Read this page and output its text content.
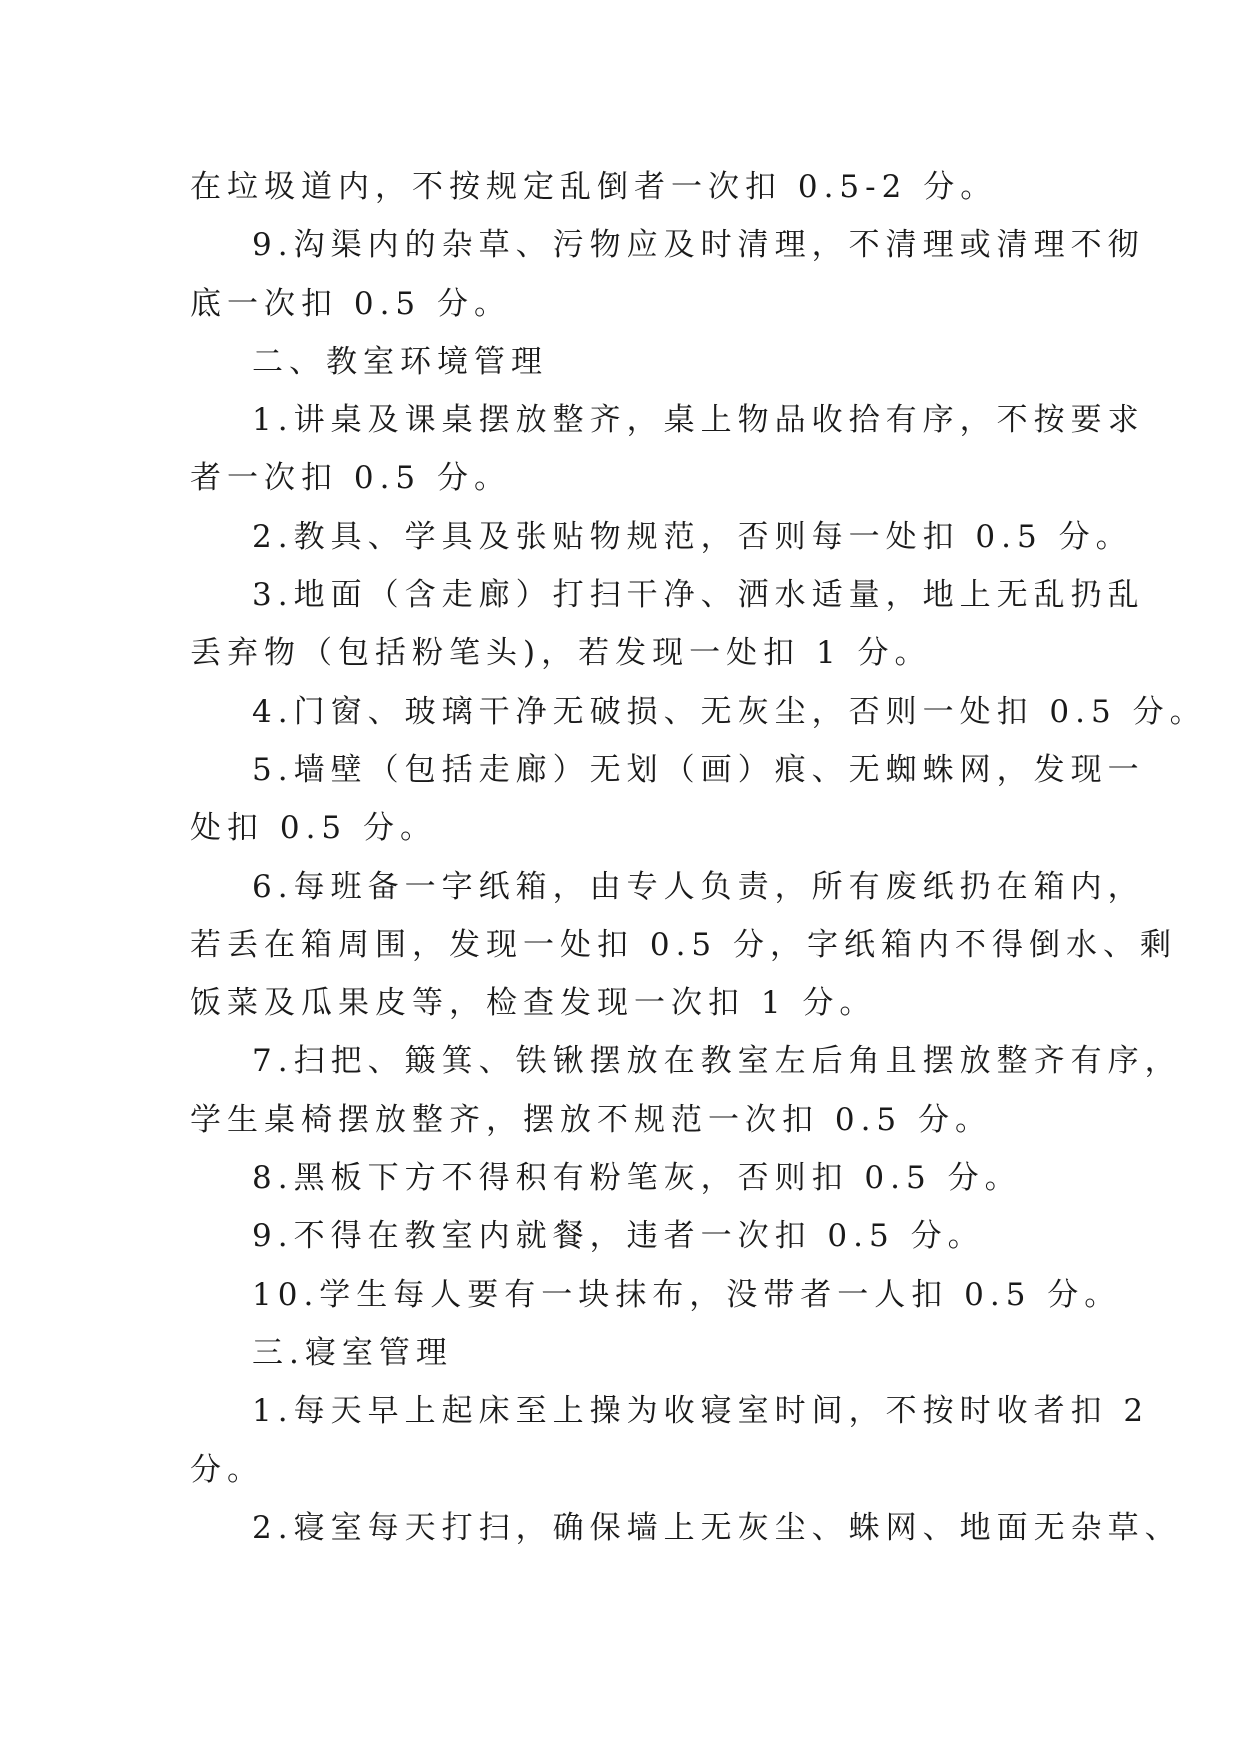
在垃圾道内，不按规定乱倒者一次扣 0.5-2 分。
9.沟渠内的杂草、污物应及时清理，不清理或清理不彻
底一次扣 0.5 分。
二、教室环境管理
1.讲桌及课桌摆放整齐，桌上物品收拾有序，不按要求
者一次扣 0.5 分。
2.教具、学具及张贴物规范，否则每一处扣 0.5 分。
3.地面（含走廊）打扫干净、洒水适量，地上无乱扔乱
丢弃物（包括粉笔头)，若发现一处扣 1 分。
4.门窗、玻璃干净无破损、无灰尘，否则一处扣 0.5 分。
5.墙壁（包括走廊）无划（画）痕、无蜘蛛网，发现一
处扣 0.5 分。
6.每班备一字纸箱，由专人负责，所有废纸扔在箱内，
若丢在箱周围，发现一处扣 0.5 分，字纸箱内不得倒水、剩
饭菜及瓜果皮等，检查发现一次扣 1 分。
7.扫把、簸箕、铁锹摆放在教室左后角且摆放整齐有序，
学生桌椅摆放整齐，摆放不规范一次扣 0.5 分。
8.黑板下方不得积有粉笔灰，否则扣 0.5 分。
9.不得在教室内就餐，违者一次扣 0.5 分。
10.学生每人要有一块抹布，没带者一人扣 0.5 分。
三.寝室管理
1.每天早上起床至上操为收寝室时间，不按时收者扣 2
分。
2.寝室每天打扫，确保墙上无灰尘、蛛网、地面无杂草、
